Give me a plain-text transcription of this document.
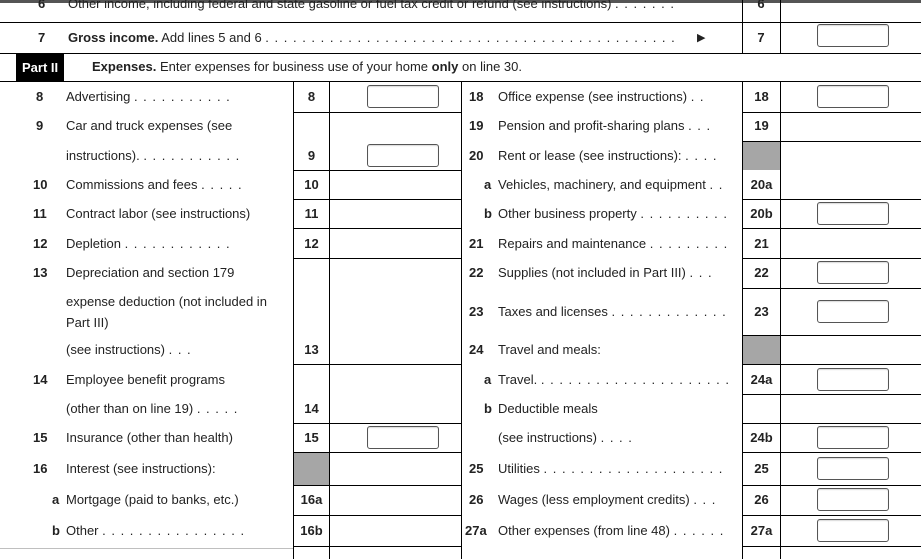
6 Other income, including federal and state gasoline or fuel tax credit or refund (see instructions) . . . . . . .	6
7 Gross income. Add lines 5 and 6 . . . . . . . . . . . . . . . . . . . . . . . . . . . . . . . . . . . . . . . . . . . . . ▶	7
Part II	Expenses. Enter expenses for business use of your home only on line 30.
8 Advertising . . . . . . . . . . .	8
9 Car and truck expenses (see
instructions). . . . . . . . . . . .	9
10 Commissions and fees . . . . .	10
11 Contract labor (see instructions)	11
12 Depletion . . . . . . . . . . . .	12
13 Depreciation and section 179
expense deduction (not included in
Part III)
(see instructions) . . .	13
14 Employee benefit programs
(other than on line 19) . . . . .	14
15 Insurance (other than health)	15
16 Interest (see instructions):
a Mortgage (paid to banks, etc.)	16a
b Other . . . . . . . . . . . . . . . .	16b
18 Office expense (see instructions) . .	18
19 Pension and profit-sharing plans . . .	19
20 Rent or lease (see instructions): . . . .
a Vehicles, machinery, and equipment . .	20a
b Other business property . . . . . . . . . .	20b
21 Repairs and maintenance . . . . . . . . .	21
22 Supplies (not included in Part III) . . .	22
23 Taxes and licenses . . . . . . . . . . . . .	23
24 Travel and meals:
a Travel. . . . . . . . . . . . . . . . . . . . . .	24a
b Deductible meals
(see instructions) . . . .	24b
25 Utilities . . . . . . . . . . . . . . . . . . . .	25
26 Wages (less employment credits) . . .	26
27a Other expenses (from line 48) . . . . . .	27a
